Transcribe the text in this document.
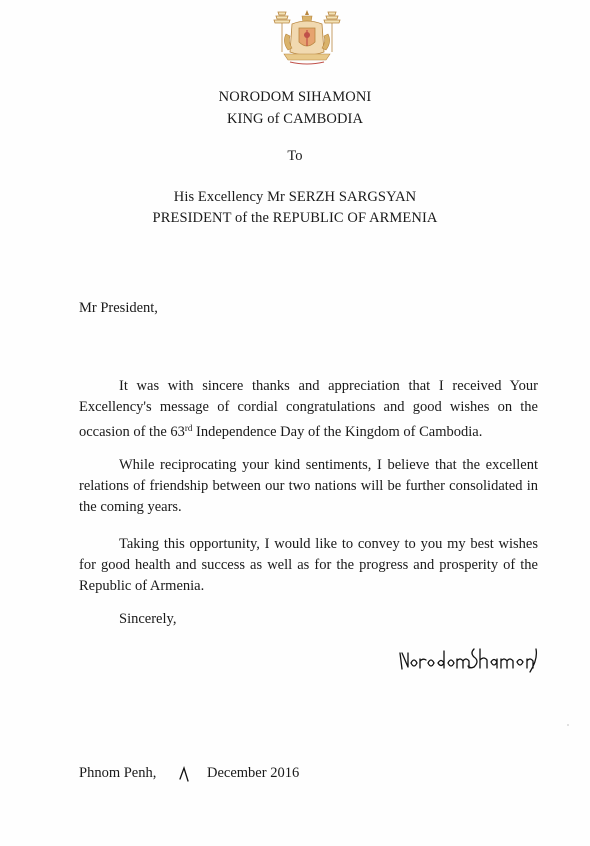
NORODOM SIHAMONI
KING of CAMBODIA
To
His Excellency Mr SERZH SARGSYAN
PRESIDENT of the REPUBLIC OF ARMENIA
Mr President,
It was with sincere thanks and appreciation that I received Your Excellency's message of cordial congratulations and good wishes on the occasion of the 63rd Independence Day of the Kingdom of Cambodia.
While reciprocating your kind sentiments, I believe that the excellent relations of friendship between our two nations will be further consolidated in the coming years.
Taking this opportunity, I would like to convey to you my best wishes for good health and success as well as for the progress and prosperity of the Republic of Armenia.
Sincerely,
Phnom Penh,	December 2016
